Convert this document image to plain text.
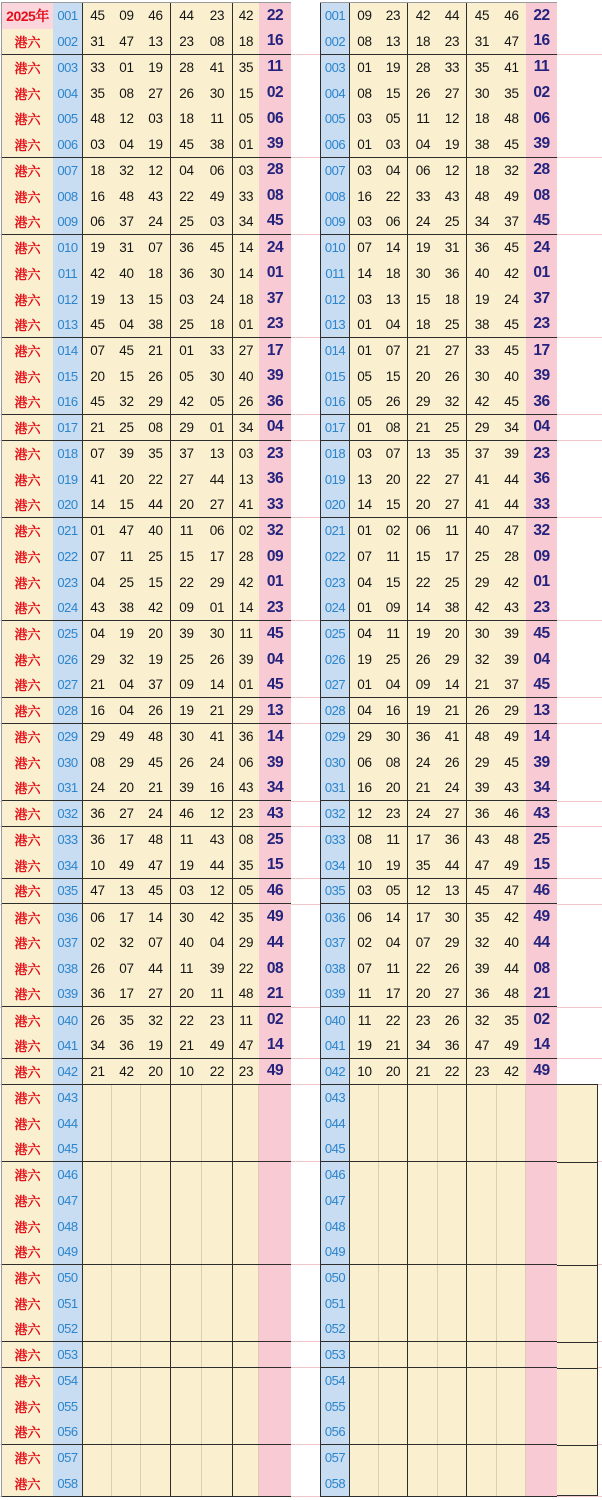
2025年 001 45	09	46	44	23	42 22
港六	002 31	47	13	23	08	18 16
港六	003 33	01	19	28	41	35 11
港六	004 35	08	27	26	30	15 02
港六	005 48	12	03	18	11	05 06
港六	006 03	04	19	45	38	01 39
港六	007 18	32	12	04	06	03 28
港六	008 16	48	43	22	49	33 08
港六	009 06	37	24	25	03	34 45
港六	010 19	31	07	36	45	14 24
港六	011 42	40	18	36	30	14 01
港六	012 19	13	15	03	24	18 37
港六	013 45	04	38	25	18	01 23
港六	014 07	45	21	01	33	27 17
港六	015 20	15	26	05	30	40 39
港六	016 45	32	29	42	05	26 36
港六	017 21	25	08	29	01	34 04
港六	018 07	39	35	37	13	03 23
港六	019 41	20	22	27	44	13 36
港六	020 14	15	44	20	27	41 33
港六	021 01	47	40	11	06	02 32
港六	022 07	11	25	15	17	28 09
港六	023 04	25	15	22	29	42 01
港六	024 43	38	42	09	01	14 23
港六	025 04	19	20	39	30	11 45
港六	026 29	32	19	25	26	39 04
港六	027 21	04	37	09	14	01 45
港六	028 16	04	26	19	21	29 13
港六	029 29	49	48	30	41	36 14
港六	030 08	29	45	26	24	06 39
港六	031 24	20	21	39	16	43 34
港六	032 36	27	24	46	12	23 43
港六	033 36	17	48	11	43	08 25
港六	034 10	49	47	19	44	35 15
港六	035 47	13	45	03	12	05 46
港六	036 06	17	14	30	42	35 49
港六	037 02	32	07	40	04	29 44
港六	038 26	07	44	11	39	22 08
港六	039 36	17	27	20	11	48 21
港六	040 26	35	32	22	23	11 02
港六	041 34	36	19	21	49	47 14
港六	042 21	42	20	10	22	23 49
港六	043
港六	044
港六	045
港六	046
港六	047
港六	048
港六	049
港六	050
港六	051
港六	052
港六	053
港六	054
港六	055
港六	056
港六	057
港六	058
001 09	23	42	44	45	46 22
002 08	13	18	23	31	47 16
003 01	19	28	33	35	41 11
004 08	15	26	27	30	35 02
005 03	05	11	12	18	48 06
006 01	03	04	19	38	45 39
007 03	04	06	12	18	32 28
008 16	22	33	43	48	49 08
009 03	06	24	25	34	37 45
010 07	14	19	31	36	45 24
011 14	18	30	36	40	42 01
012 03	13	15	18	19	24 37
013 01	04	18	25	38	45 23
014 01	07	21	27	33	45 17
015 05	15	20	26	30	40 39
016 05	26	29	32	42	45 36
017 01	08	21	25	29	34 04
018 03	07	13	35	37	39 23
019 13	20	22	27	41	44 36
020 14	15	20	27	41	44 33
021 01	02	06	11	40	47 32
022 07	11	15	17	25	28 09
023 04	15	22	25	29	42 01
024 01	09	14	38	42	43 23
025 04	11	19	20	30	39 45
026 19	25	26	29	32	39 04
027 01	04	09	14	21	37 45
028 04	16	19	21	26	29 13
029 29	30	36	41	48	49 14
030 06	08	24	26	29	45 39
031 16	20	21	24	39	43 34
032 12	23	24	27	36	46 43
033 08	11	17	36	43	48 25
034 10	19	35	44	47	49 15
035 03	05	12	13	45	47 46
036 06	14	17	30	35	42 49
037 02	04	07	29	32	40 44
038 07	11	22	26	39	44 08
039 11	17	20	27	36	48 21
040 11	22	23	26	32	35 02
041 19	21	34	36	47	49 14
042 10	20	21	22	23	42 49
043
044
045
046
047
048
049
050
051
052
053
054
055
056
057
058
